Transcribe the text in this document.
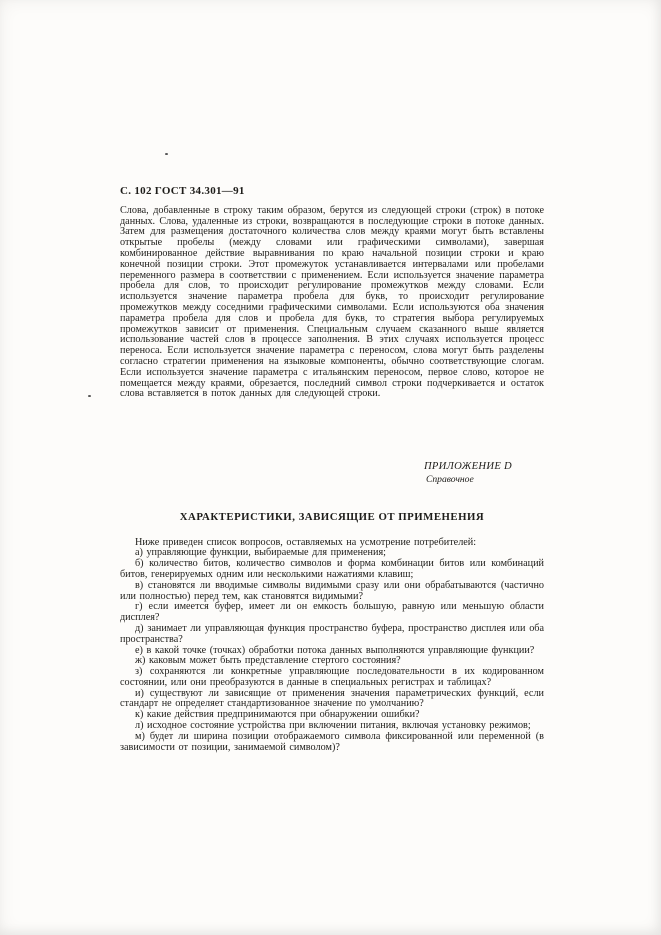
С. 102 ГОСТ 34.301—91

Слова, добавленные в строку таким образом, берутся из следующей строки (строк) в потоке данных. Слова, удаленные из строки, возвращаются в последующие строки в потоке данных. Затем для размещения достаточного количества слов между краями могут быть вставлены открытые пробелы (между словами или графическими символами), завершая комбинированное действие выравнивания по краю начальной позиции строки и краю конечной позиции строки. Этот промежуток устанавливается интервалами или пробелами переменного размера в соответствии с применением. Если используется значение параметра пробела для слов, то происходит регулирование промежутков между словами. Если используется значение параметра пробела для букв, то происходит регулирование промежутков между соседними графическими символами. Если используются оба значения параметра пробела для слов и пробела для букв, то стратегия выбора регулируемых промежутков зависит от применения. Специальным случаем сказанного выше является использование частей слов в процессе заполнения. В этих случаях используется процесс переноса. Если используется значение параметра с переносом, слова могут быть разделены согласно стратегии применения на языковые компоненты, обычно соответствующие слогам. Если используется значение параметра с итальянским переносом, первое слово, которое не помещается между краями, обрезается, последний символ строки подчеркивается и остаток слова вставляется в поток данных для следующей строки.

ПРИЛОЖЕНИЕ D
Справочное
ХАРАКТЕРИСТИКИ, ЗАВИСЯЩИЕ ОТ ПРИМЕНЕНИЯ

Ниже приведен список вопросов, оставляемых на усмотрение потребителей:

а) управляющие функции, выбираемые для применения;

б) количество битов, количество символов и форма комбинации битов или комбинаций битов, генерируемых одним или несколькими нажатиями клавиш;

в) становятся ли вводимые символы видимыми сразу или они обрабатываются (частично или полностью) перед тем, как становятся видимыми?

г) если имеется буфер, имеет ли он емкость большую, равную или меньшую области дисплея?

д) занимает ли управляющая функция пространство буфера, пространство дисплея или оба пространства?

е) в какой точке (точках) обработки потока данных выполняются управляющие функции?

ж) каковым может быть представление стертого состояния?

з) сохраняются ли конкретные управляющие последовательности в их кодированном состоянии, или они преобразуются в данные в специальных регистрах и таблицах?

и) существуют ли зависящие от применения значения параметрических функций, если стандарт не определяет стандартизованное значение по умолчанию?

к) какие действия предпринимаются при обнаружении ошибки?

л) исходное состояние устройства при включении питания, включая установку режимов;

м) будет ли ширина позиции отображаемого символа фиксированной или переменной (в зависимости от позиции, занимаемой символом)?
